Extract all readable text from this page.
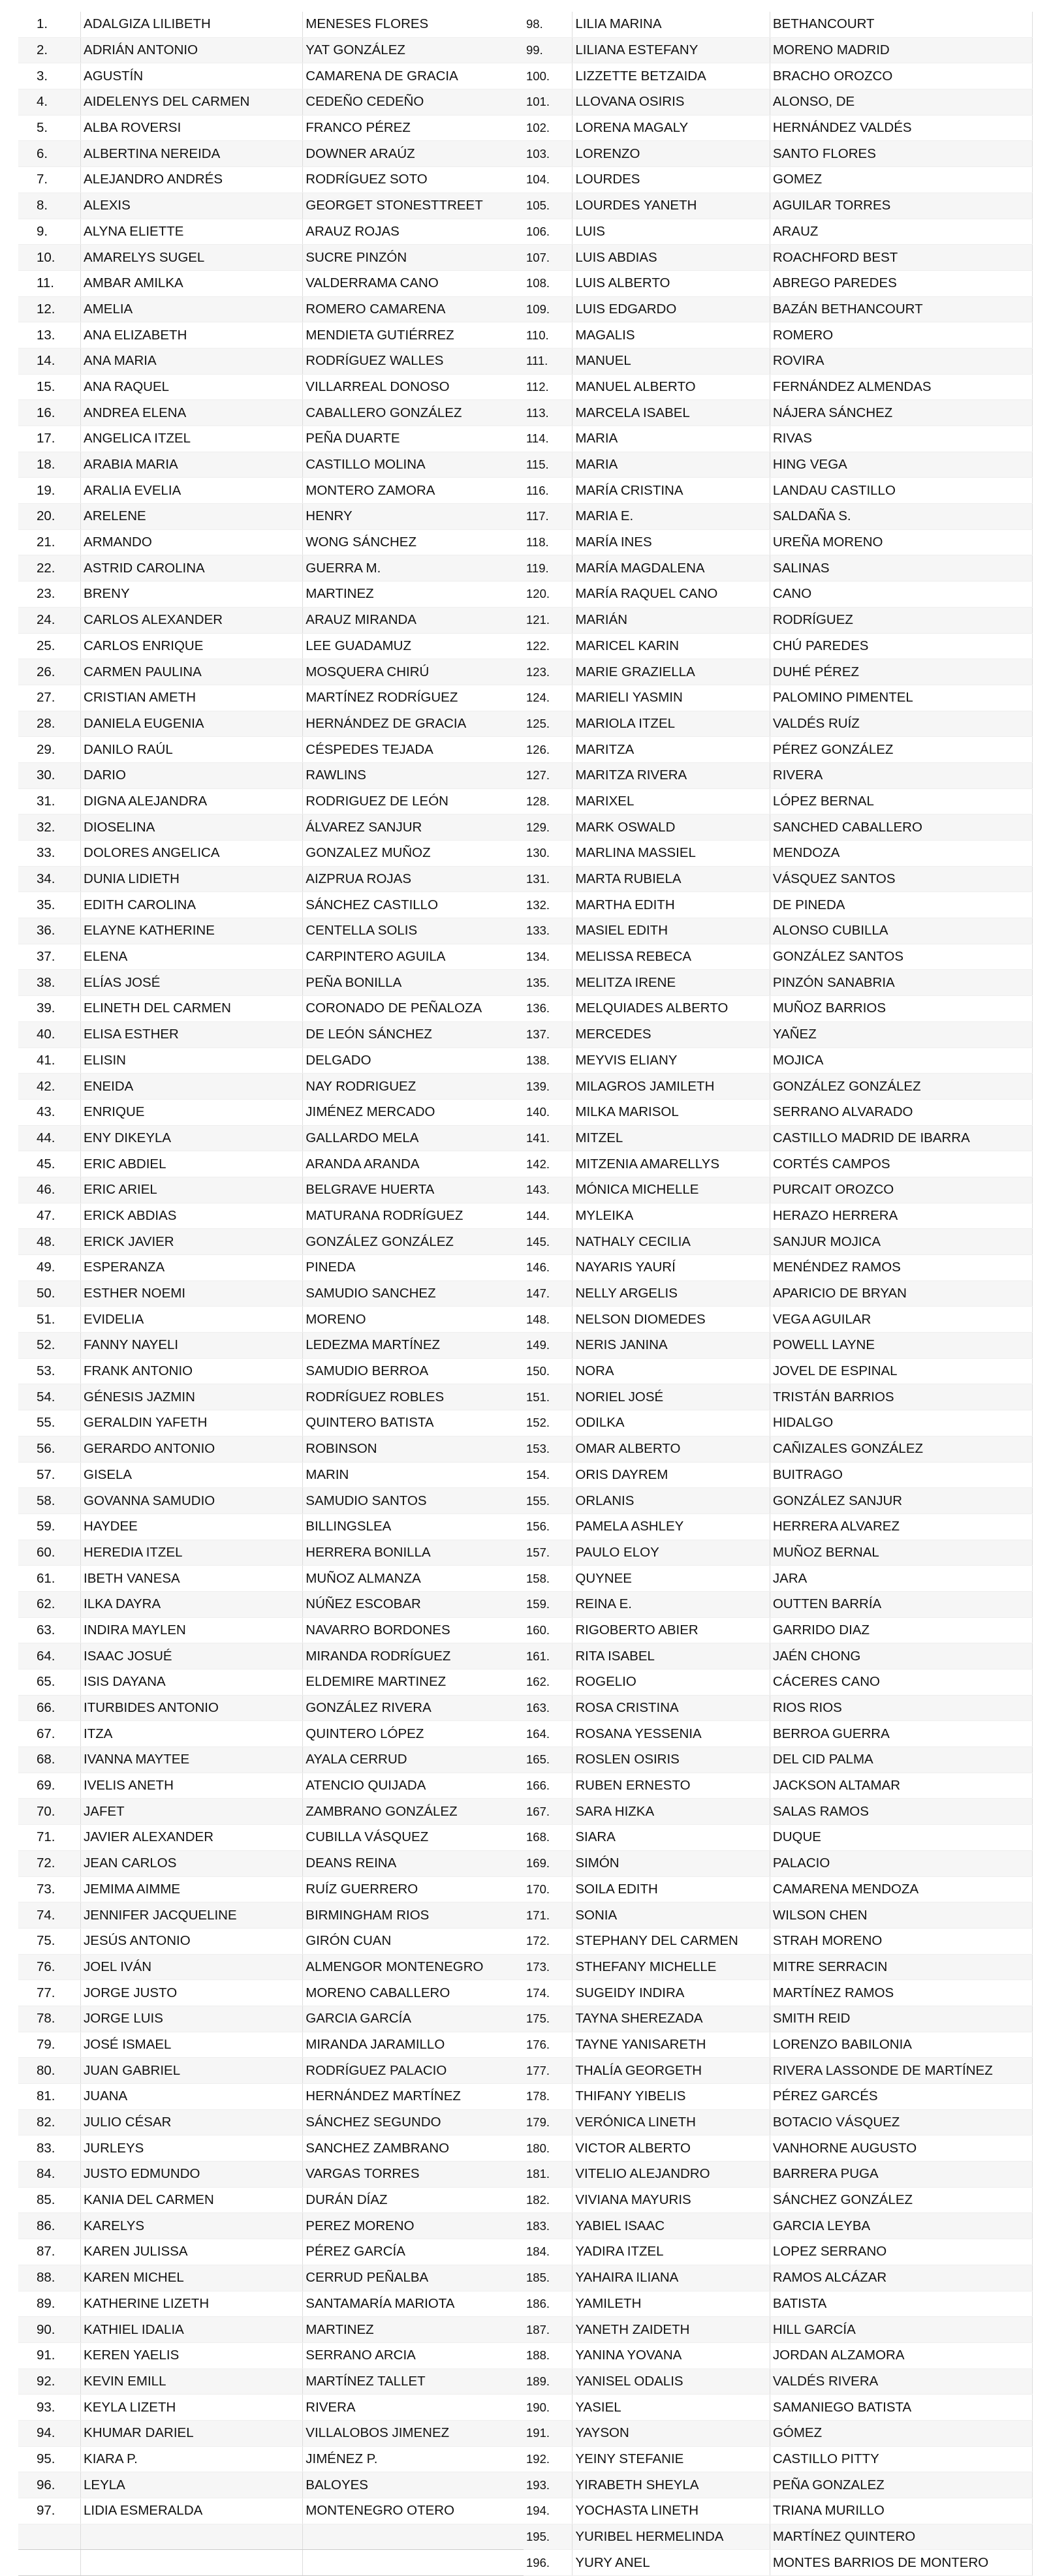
1.	ADALGIZA LILIBETH	MENESES FLORES
2.	ADRIÁN ANTONIO	YAT GONZÁLEZ
3.	AGUSTÍN	CAMARENA DE GRACIA
4.	AIDELENYS DEL CARMEN	CEDEÑO CEDEÑO
5.	ALBA ROVERSI	FRANCO PÉREZ
6.	ALBERTINA NEREIDA	DOWNER ARAÚZ
7.	ALEJANDRO ANDRÉS	RODRÍGUEZ SOTO
8.	ALEXIS	GEORGET STONESTTREET
9.	ALYNA ELIETTE	ARAUZ ROJAS
10.	AMARELYS SUGEL	SUCRE PINZÓN
11.	AMBAR AMILKA	VALDERRAMA CANO
12.	AMELIA	ROMERO CAMARENA
13.	ANA ELIZABETH	MENDIETA GUTIÉRREZ
14.	ANA MARIA	RODRÍGUEZ WALLES
15.	ANA RAQUEL	VILLARREAL DONOSO
16.	ANDREA ELENA	CABALLERO GONZÁLEZ
17.	ANGELICA ITZEL	PEÑA DUARTE
18.	ARABIA MARIA	CASTILLO MOLINA
19.	ARALIA EVELIA	MONTERO ZAMORA
20.	ARELENE	HENRY
21.	ARMANDO	WONG SÁNCHEZ
22.	ASTRID CAROLINA	GUERRA M.
23.	BRENY	MARTINEZ
24.	CARLOS ALEXANDER	ARAUZ MIRANDA
25.	CARLOS ENRIQUE	LEE GUADAMUZ
26.	CARMEN PAULINA	MOSQUERA CHIRÚ
27.	CRISTIAN AMETH	MARTÍNEZ RODRÍGUEZ
28.	DANIELA EUGENIA	HERNÁNDEZ DE GRACIA
29.	DANILO RAÚL	CÉSPEDES TEJADA
30.	DARIO	RAWLINS
31.	DIGNA ALEJANDRA	RODRIGUEZ DE LEÓN
32.	DIOSELINA	ÁLVAREZ SANJUR
33.	DOLORES ANGELICA	GONZALEZ MUÑOZ
34.	DUNIA LIDIETH	AIZPRUA ROJAS
35.	EDITH CAROLINA	SÁNCHEZ CASTILLO
36.	ELAYNE KATHERINE	CENTELLA SOLIS
37.	ELENA	CARPINTERO AGUILA
38.	ELÍAS JOSÉ	PEÑA BONILLA
39.	ELINETH DEL CARMEN	CORONADO DE PEÑALOZA
40.	ELISA ESTHER	DE LEÓN SÁNCHEZ
41.	ELISIN	DELGADO
42.	ENEIDA	NAY RODRIGUEZ
43.	ENRIQUE	JIMÉNEZ MERCADO
44.	ENY DIKEYLA	GALLARDO MELA
45.	ERIC ABDIEL	ARANDA ARANDA
46.	ERIC ARIEL	BELGRAVE HUERTA
47.	ERICK ABDIAS	MATURANA RODRÍGUEZ
48.	ERICK JAVIER	GONZÁLEZ GONZÁLEZ
49.	ESPERANZA	PINEDA
50.	ESTHER NOEMI	SAMUDIO SANCHEZ
51.	EVIDELIA	MORENO
52.	FANNY NAYELI	LEDEZMA MARTÍNEZ
53.	FRANK ANTONIO	SAMUDIO BERROA
54.	GÉNESIS JAZMIN	RODRÍGUEZ ROBLES
55.	GERALDIN YAFETH	QUINTERO BATISTA
56.	GERARDO ANTONIO	ROBINSON
57.	GISELA	MARIN
58.	GOVANNA SAMUDIO	SAMUDIO SANTOS
59.	HAYDEE	BILLINGSLEA
60.	HEREDIA ITZEL	HERRERA BONILLA
61.	IBETH VANESA	MUÑOZ ALMANZA
62.	ILKA DAYRA	NÚÑEZ ESCOBAR
63.	INDIRA MAYLEN	NAVARRO BORDONES
64.	ISAAC JOSUÉ	MIRANDA RODRÍGUEZ
65.	ISIS DAYANA	ELDEMIRE MARTINEZ
66.	ITURBIDES ANTONIO	GONZÁLEZ RIVERA
67.	ITZA	QUINTERO LÓPEZ
68.	IVANNA MAYTEE	AYALA CERRUD
69.	IVELIS ANETH	ATENCIO QUIJADA
70.	JAFET	ZAMBRANO GONZÁLEZ
71.	JAVIER ALEXANDER	CUBILLA VÁSQUEZ
72.	JEAN CARLOS	DEANS REINA
73.	JEMIMA AIMME	RUÍZ GUERRERO
74.	JENNIFER JACQUELINE	BIRMINGHAM RIOS
75.	JESÚS ANTONIO	GIRÓN CUAN
76.	JOEL IVÁN	ALMENGOR MONTENEGRO
77.	JORGE JUSTO	MORENO CABALLERO
78.	JORGE LUIS	GARCIA GARCÍA
79.	JOSÉ ISMAEL	MIRANDA JARAMILLO
80.	JUAN GABRIEL	RODRÍGUEZ PALACIO
81.	JUANA	HERNÁNDEZ MARTÍNEZ
82.	JULIO CÉSAR	SÁNCHEZ SEGUNDO
83.	JURLEYS	SANCHEZ ZAMBRANO
84.	JUSTO EDMUNDO	VARGAS TORRES
85.	KANIA DEL CARMEN	DURÁN DÍAZ
86.	KARELYS	PEREZ MORENO
87.	KAREN JULISSA	PÉREZ GARCÍA
88.	KAREN MICHEL	CERRUD PEÑALBA
89.	KATHERINE LIZETH	SANTAMARÍA MARIOTA
90.	KATHIEL IDALIA	MARTINEZ
91.	KEREN YAELIS	SERRANO ARCIA
92.	KEVIN EMILL	MARTÍNEZ TALLET
93.	KEYLA LIZETH	RIVERA
94.	KHUMAR DARIEL	VILLALOBOS JIMENEZ
95.	KIARA P.	JIMÉNEZ P.
96.	LEYLA	BALOYES
97.	LIDIA ESMERALDA	MONTENEGRO OTERO

98.	LILIA MARINA	BETHANCOURT
99.	LILIANA ESTEFANY	MORENO MADRID
100.	LIZZETTE BETZAIDA	BRACHO OROZCO
101.	LLOVANA OSIRIS	ALONSO, DE
102.	LORENA MAGALY	HERNÁNDEZ VALDÉS
103.	LORENZO	SANTO FLORES
104.	LOURDES	GOMEZ
105.	LOURDES YANETH	AGUILAR TORRES
106.	LUIS	ARAUZ
107.	LUIS ABDIAS	ROACHFORD BEST
108.	LUIS ALBERTO	ABREGO PAREDES
109.	LUIS EDGARDO	BAZÁN BETHANCOURT
110.	MAGALIS	ROMERO
111.	MANUEL	ROVIRA
112.	MANUEL ALBERTO	FERNÁNDEZ ALMENDAS
113.	MARCELA ISABEL	NÁJERA SÁNCHEZ
114.	MARIA	RIVAS
115.	MARIA	HING VEGA
116.	MARÍA CRISTINA	LANDAU CASTILLO
117.	MARIA E.	SALDAÑA S.
118.	MARÍA INES	UREÑA MORENO
119.	MARÍA MAGDALENA	SALINAS
120.	MARÍA RAQUEL CANO	CANO
121.	MARIÁN	RODRÍGUEZ
122.	MARICEL KARIN	CHÚ PAREDES
123.	MARIE GRAZIELLA	DUHÉ PÉREZ
124.	MARIELI YASMIN	PALOMINO PIMENTEL
125.	MARIOLA ITZEL	VALDÉS RUÍZ
126.	MARITZA	PÉREZ GONZÁLEZ
127.	MARITZA RIVERA	RIVERA
128.	MARIXEL	LÓPEZ BERNAL
129.	MARK OSWALD	SANCHED CABALLERO
130.	MARLINA MASSIEL	MENDOZA
131.	MARTA RUBIELA	VÁSQUEZ SANTOS
132.	MARTHA EDITH	DE PINEDA
133.	MASIEL EDITH	ALONSO CUBILLA
134.	MELISSA REBECA	GONZÁLEZ SANTOS
135.	MELITZA IRENE	PINZÓN SANABRIA
136.	MELQUIADES ALBERTO	MUÑOZ BARRIOS
137.	MERCEDES	YAÑEZ
138.	MEYVIS ELIANY	MOJICA
139.	MILAGROS JAMILETH	GONZÁLEZ GONZÁLEZ
140.	MILKA MARISOL	SERRANO ALVARADO
141.	MITZEL	CASTILLO MADRID DE IBARRA
142.	MITZENIA AMARELLYS	CORTÉS CAMPOS
143.	MÓNICA MICHELLE	PURCAIT OROZCO
144.	MYLEIKA	HERAZO HERRERA
145.	NATHALY CECILIA	SANJUR MOJICA
146.	NAYARIS YAURÍ	MENÉNDEZ RAMOS
147.	NELLY ARGELIS	APARICIO DE BRYAN
148.	NELSON DIOMEDES	VEGA AGUILAR
149.	NERIS JANINA	POWELL LAYNE
150.	NORA	JOVEL DE ESPINAL
151.	NORIEL JOSÉ	TRISTÁN BARRIOS
152.	ODILKA	HIDALGO
153.	OMAR ALBERTO	CAÑIZALES GONZÁLEZ
154.	ORIS DAYREM	BUITRAGO
155.	ORLANIS	GONZÁLEZ SANJUR
156.	PAMELA ASHLEY	HERRERA ALVAREZ
157.	PAULO ELOY	MUÑOZ BERNAL
158.	QUYNEE	JARA
159.	REINA E.	OUTTEN BARRÍA
160.	RIGOBERTO ABIER	GARRIDO DIAZ
161.	RITA ISABEL	JAÉN CHONG
162.	ROGELIO	CÁCERES CANO
163.	ROSA CRISTINA	RIOS RIOS
164.	ROSANA YESSENIA	BERROA GUERRA
165.	ROSLEN OSIRIS	DEL CID PALMA
166.	RUBEN ERNESTO	JACKSON ALTAMAR
167.	SARA HIZKA	SALAS RAMOS
168.	SIARA	DUQUE
169.	SIMÓN	PALACIO
170.	SOILA EDITH	CAMARENA MENDOZA
171.	SONIA	WILSON CHEN
172.	STEPHANY DEL CARMEN	STRAH MORENO
173.	STHEFANY MICHELLE	MITRE SERRACIN
174.	SUGEIDY INDIRA	MARTÍNEZ RAMOS
175.	TAYNA SHEREZADA	SMITH REID
176.	TAYNE YANISARETH	LORENZO BABILONIA
177.	THALÍA GEORGETH	RIVERA LASSONDE DE MARTÍNEZ
178.	THIFANY YIBELIS	PÉREZ GARCÉS
179.	VERÓNICA LINETH	BOTACIO VÁSQUEZ
180.	VICTOR ALBERTO	VANHORNE AUGUSTO
181.	VITELIO ALEJANDRO	BARRERA PUGA
182.	VIVIANA MAYURIS	SÁNCHEZ GONZÁLEZ
183.	YABIEL ISAAC	GARCIA LEYBA
184.	YADIRA ITZEL	LOPEZ SERRANO
185.	YAHAIRA ILIANA	RAMOS ALCÁZAR
186.	YAMILETH	BATISTA
187.	YANETH ZAIDETH	HILL GARCÍA
188.	YANINA YOVANA	JORDAN ALZAMORA
189.	YANISEL ODALIS	VALDÉS RIVERA
190.	YASIEL	SAMANIEGO BATISTA
191.	YAYSON	GÓMEZ
192.	YEINY STEFANIE	CASTILLO PITTY
193.	YIRABETH SHEYLA	PEÑA GONZALEZ
194.	YOCHASTA LINETH	TRIANA MURILLO
195.	YURIBEL HERMELINDA	MARTÍNEZ QUINTERO
196.	YURY ANEL	MONTES BARRIOS DE MONTERO
